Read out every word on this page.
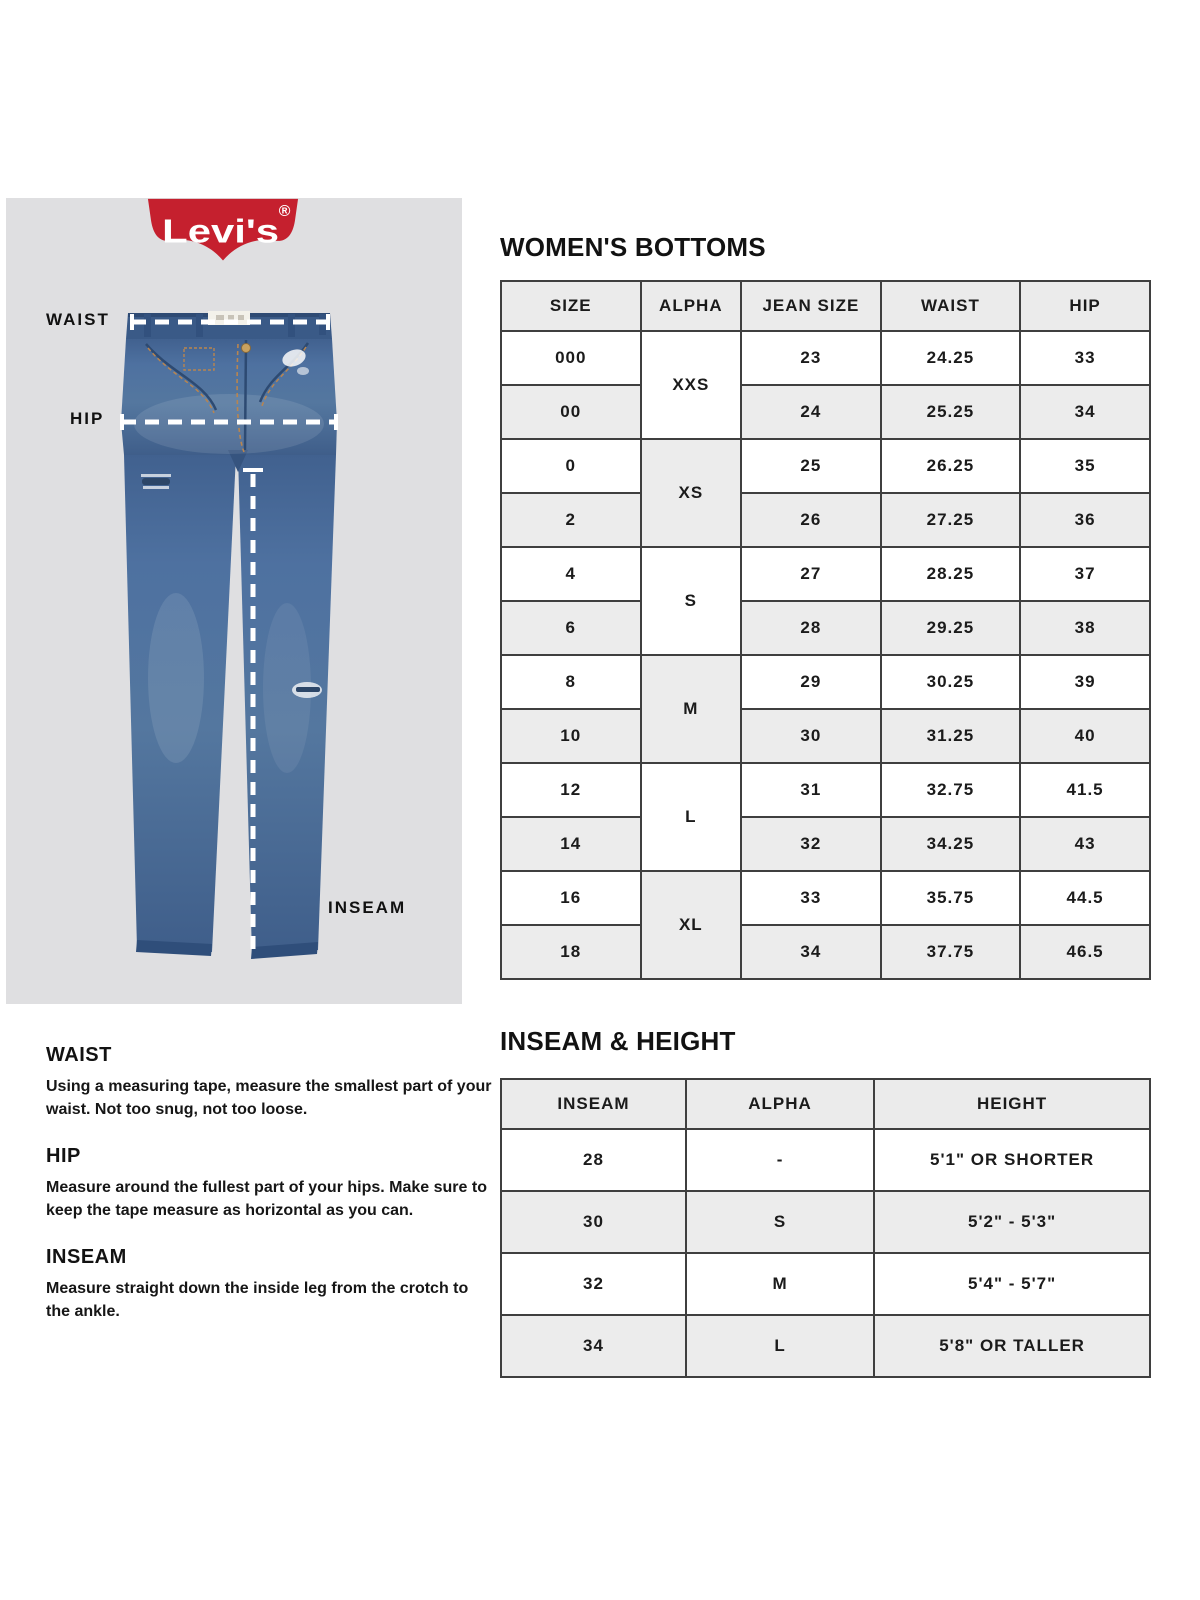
Levi's
®
WAIST
HIP
INSEAM
WOMEN'S BOTTOMS
SIZE	ALPHA	JEAN SIZE	WAIST	HIP
000	XXS	23	24.25	33
00		24	25.25	34
0	XS	25	26.25	35
2		26	27.25	36
4	S	27	28.25	37
6		28	29.25	38
8	M	29	30.25	39
10		30	31.25	40
12	L	31	32.75	41.5
14		32	34.25	43
16	XL	33	35.75	44.5
18		34	37.75	46.5
WAIST

Using a measuring tape, measure the smallest part of your waist. Not too snug, not too loose.

HIP

Measure around the fullest part of your hips. Make sure to keep the tape measure as horizontal as you can.

INSEAM

Measure straight down the inside leg from the crotch to the ankle.

INSEAM & HEIGHT
INSEAM	ALPHA	HEIGHT
28	-	5'1" OR SHORTER
30	S	5'2" - 5'3"
32	M	5'4" - 5'7"
34	L	5'8" OR TALLER
